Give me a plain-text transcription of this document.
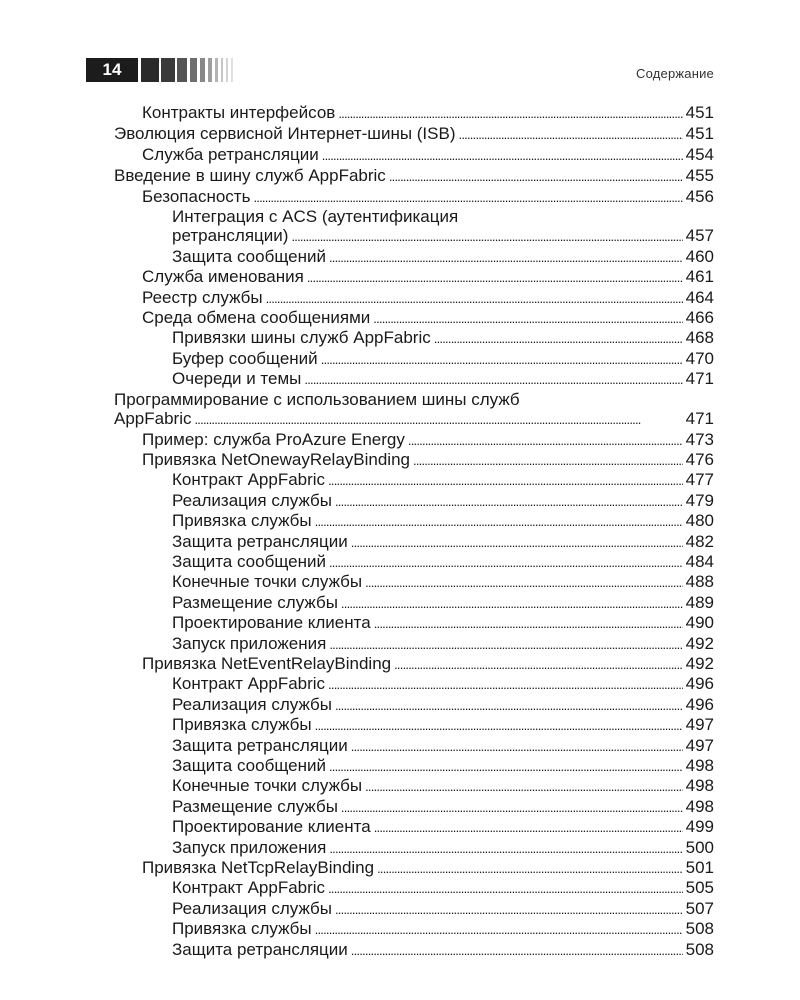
14	Содержание
Контракты интерфейсов . . .	451
Эволюция сервисной Интернет-шины (ISB) . . .	451
Служба ретрансляции . . .	454
Введение в шину служб AppFabric . . .	455
Безопасность . . .	456
Интеграция с ACS (аутентификация
ретрансляции) . . .	457
Защита сообщений . . .	460
Служба именования . . .	461
Реестр службы . . .	464
Среда обмена сообщениями . . .	466
Привязки шины служб AppFabric . . .	468
Буфер сообщений . . .	470
Очереди и темы . . .	471
Программирование с использованием шины служб
AppFabric . . .	471
Пример: служба ProAzure Energy . . .	473
Привязка NetOnewayRelayBinding . . .	476
Контракт AppFabric . . .	477
Реализация службы . . .	479
Привязка службы . . .	480
Защита ретрансляции . . .	482
Защита сообщений . . .	484
Конечные точки службы . . .	488
Размещение службы . . .	489
Проектирование клиента . . .	490
Запуск приложения . . .	492
Привязка NetEventRelayBinding . . .	492
Контракт AppFabric . . .	496
Реализация службы . . .	496
Привязка службы . . .	497
Защита ретрансляции . . .	497
Защита сообщений . . .	498
Конечные точки службы . . .	498
Размещение службы . . .	498
Проектирование клиента . . .	499
Запуск приложения . . .	500
Привязка NetTcpRelayBinding . . .	501
Контракт AppFabric . . .	505
Реализация службы . . .	507
Привязка службы . . .	508
Защита ретрансляции . . .	508
